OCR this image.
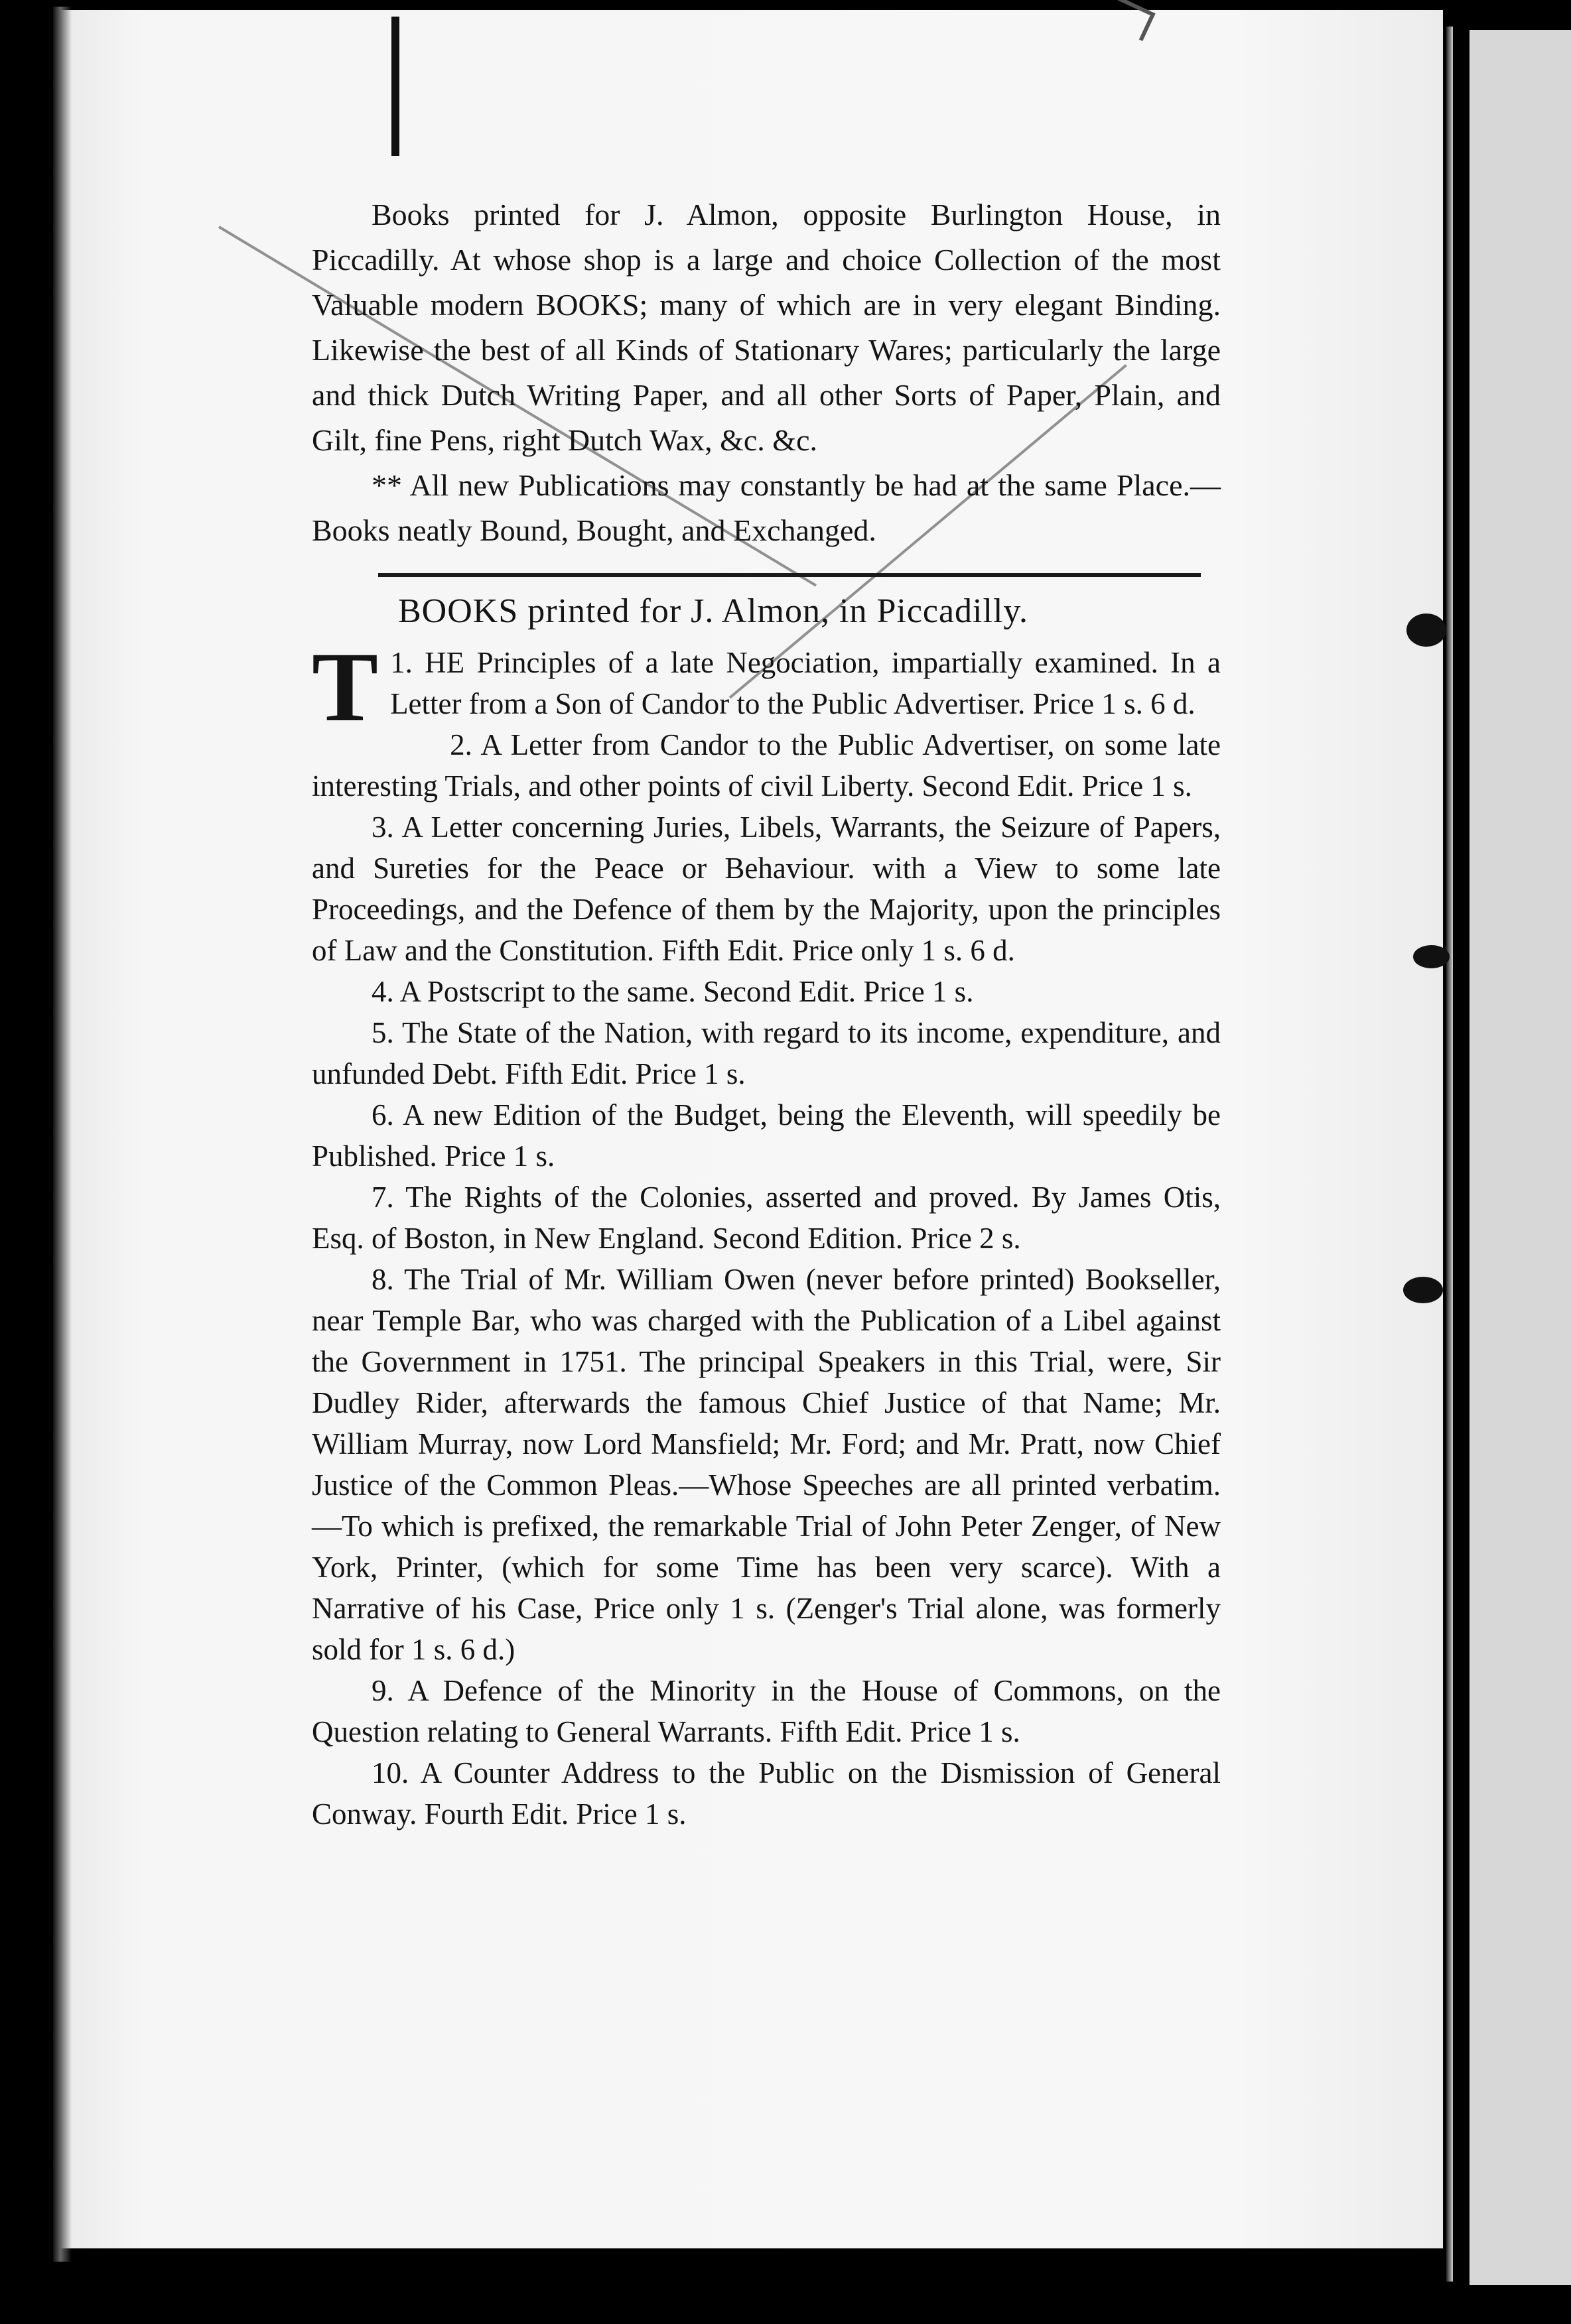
Books printed for J. Almon, opposite Burlington House, in Piccadilly. At whose shop is a large and choice Collection of the most Valuable modern BOOKS; many of which are in very elegant Binding. Likewise the best of all Kinds of Stationary Wares; particularly the large and thick Dutch Writing Paper, and all other Sorts of Paper, Plain, and Gilt, fine Pens, right Dutch Wax, &c. &c.

** All new Publications may constantly be had at the same Place.—Books neatly Bound, Bought, and Exchanged.

BOOKS printed for J. Almon, in Piccadilly.
1.
T HE Principles of a late Negociation, impartially examined. In a Letter from a Son of Candor to the Public Advertiser. Price 1 s. 6 d.
2. A Letter from Candor to the Public Advertiser, on some late interesting Trials, and other points of civil Liberty. Second Edit. Price 1 s.
3. A Letter concerning Juries, Libels, Warrants, the Seizure of Papers, and Sureties for the Peace or Behaviour. with a View to some late Proceedings, and the Defence of them by the Majority, upon the principles of Law and the Constitution. Fifth Edit. Price only 1 s. 6 d.
4. A Postscript to the same. Second Edit. Price 1 s.
5. The State of the Nation, with regard to its income, expenditure, and unfunded Debt. Fifth Edit. Price 1 s.
6. A new Edition of the Budget, being the Eleventh, will speedily be Published. Price 1 s.
7. The Rights of the Colonies, asserted and proved. By James Otis, Esq. of Boston, in New England. Second Edition. Price 2 s.
8. The Trial of Mr. William Owen (never before printed) Bookseller, near Temple Bar, who was charged with the Publication of a Libel against the Government in 1751. The principal Speakers in this Trial, were, Sir Dudley Rider, afterwards the famous Chief Justice of that Name; Mr. William Murray, now Lord Mansfield; Mr. Ford; and Mr. Pratt, now Chief Justice of the Common Pleas.—Whose Speeches are all printed verbatim.—To which is prefixed, the remarkable Trial of John Peter Zenger, of New York, Printer, (which for some Time has been very scarce). With a Narrative of his Case, Price only 1 s. (Zenger's Trial alone, was formerly sold for 1 s. 6 d.)
9. A Defence of the Minority in the House of Commons, on the Question relating to General Warrants. Fifth Edit. Price 1 s.
10. A Counter Address to the Public on the Dismission of General Conway. Fourth Edit. Price 1 s.
